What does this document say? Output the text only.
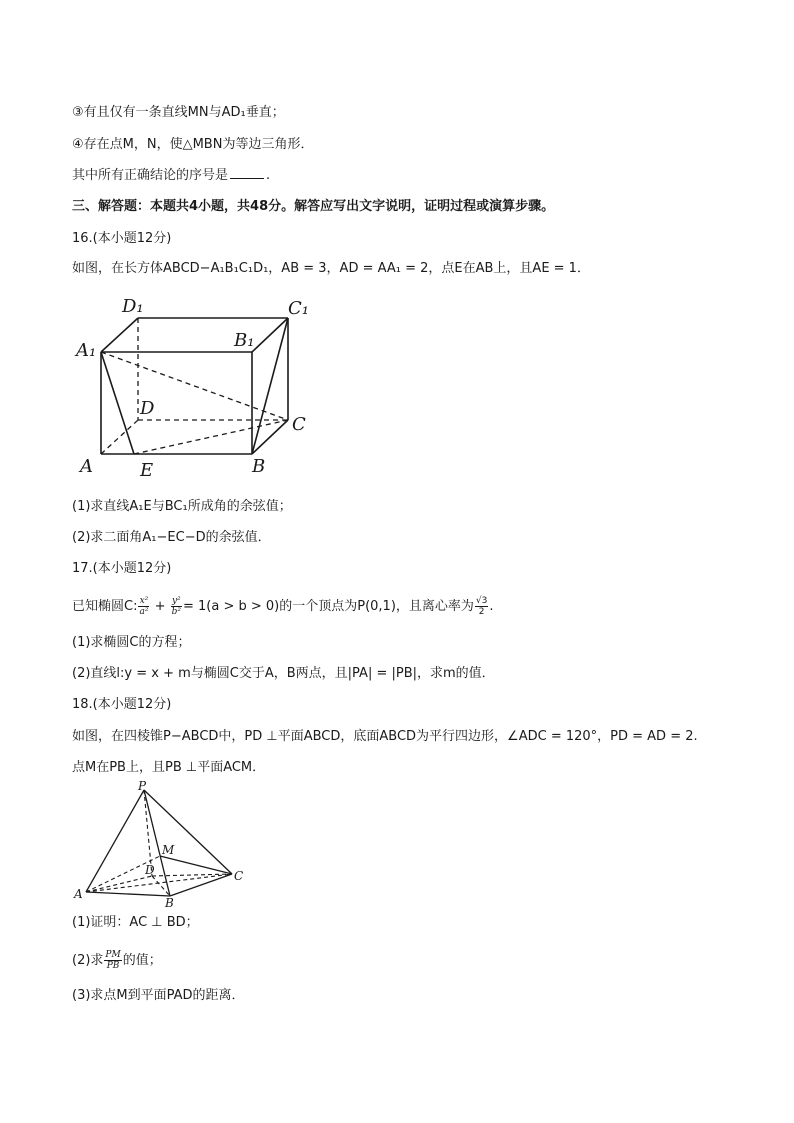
③有且仅有一条直线MN与AD₁垂直；
④存在点M，N，使△MBN为等边三角形．
其中所有正确结论的序号是	.
三、解答题：本题共4小题，共48分。解答应写出文字说明，证明过程或演算步骤。
16.(本小题12分)
如图，在长方体ABCD−A₁B₁C₁D₁，AB = 3，AD = AA₁ = 2，点E在AB上，且AE = 1．
D₁	C₁
A₁	B₁
D
C
A	E	B
(1)求直线A₁E与BC₁所成角的余弦值；
(2)求二面角A₁−EC−D的余弦值．
17.(本小题12分)
已知椭圆C: $\frac{\text{x²}}{\text{a²}} + \frac{\text{y²}}{\text{b²}} = 1(a > b > 0)$的一个顶点为P(0,1)，且离心率为 $\frac{√3}{2}$ .
(1)求椭圆C的方程；
(2)直线l:y = x + m与椭圆C交于A，B两点，且|PA| = |PB|，求m的值．
18.(本小题12分)
如图，在四棱锥P−ABCD中，PD ⊥平面ABCD，底面ABCD为平行四边形，∠ADC = 120°，PD = AD = 2.
点M在PB上，且PB ⊥平面ACM．
P
M
D
A
C
B
(1)证明：AC ⊥ BD；
(2)求 $\frac{PM}{PB}$ 的值；
(3)求点M到平面PAD的距离．
